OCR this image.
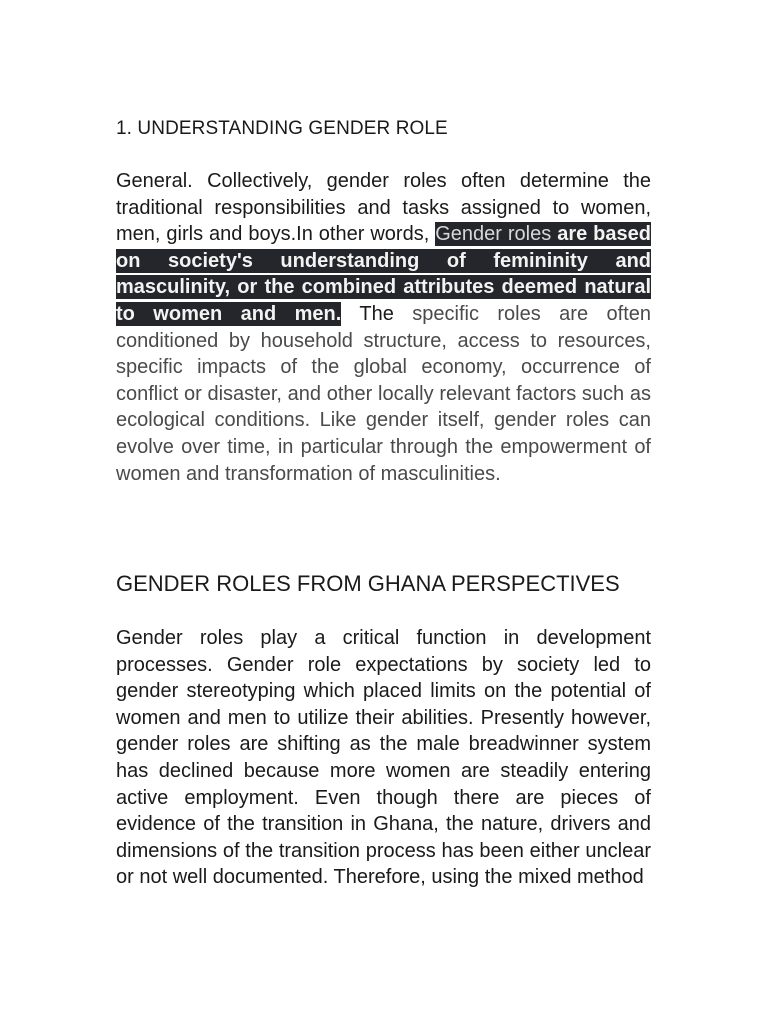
1. UNDERSTANDING GENDER ROLE
General. Collectively, gender roles often determine the traditional responsibilities and tasks assigned to women, men, girls and boys.In other words, Gender roles are based on society's understanding of femininity and masculinity, or the combined attributes deemed natural to women and men. The specific roles are often conditioned by household structure, access to resources, specific impacts of the global economy, occurrence of conflict or disaster, and other locally relevant factors such as ecological conditions. Like gender itself, gender roles can evolve over time, in particular through the empowerment of women and transformation of masculinities.
GENDER ROLES FROM GHANA PERSPECTIVES
Gender roles play a critical function in development processes. Gender role expectations by society led to gender stereotyping which placed limits on the potential of women and men to utilize their abilities. Presently however, gender roles are shifting as the male breadwinner system has declined because more women are steadily entering active employment. Even though there are pieces of evidence of the transition in Ghana, the nature, drivers and dimensions of the transition process has been either unclear or not well documented. Therefore, using the mixed method
